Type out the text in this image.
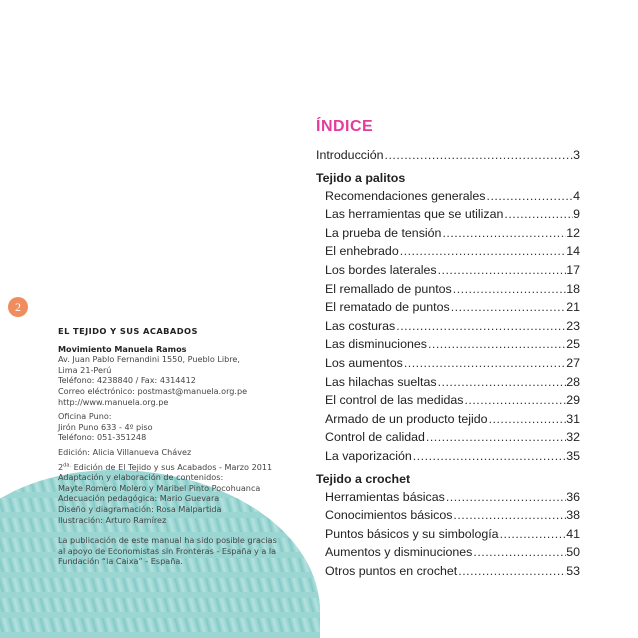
2
EL TEJIDO Y SUS ACABADOS
Movimiento Manuela Ramos
Av. Juan Pablo Fernandini 1550, Pueblo Libre,
Lima 21-Perú
Teléfono: 4238840 / Fax: 4314412
Correo eléctrónico: postmast@manuela.org.pe
http://www.manuela.org.pe
Oficina Puno:
Jirón Puno 633 - 4º piso
Teléfono: 051-351248
Edición: Alicia Villanueva Chávez
$2^{da.}$ Edición de El Tejido y sus Acabados - Marzo 2011
Adaptación y elaboración de contenidos:
Mayte Romero Molero y Maribel Pinto Pocohuanca
Adecuación pedagógica: Mario Guevara
Diseño y diagramación: Rosa Malpartida
Ilustración: Arturo Ramírez
La publicación de este manual ha sido posible gracias al apoyo de Economistas sin Fronteras - España y a la Fundación “la Caixa” - España.
ÍNDICE
Introducción .....	3
Tejido a palitos
Recomendaciones generales .....	4
Las herramientas que se utilizan .....	9
La prueba de tensión .....	12
El enhebrado .....	14
Los bordes laterales .....	17
El remallado de puntos .....	18
El rematado de puntos .....	21
Las costuras .....	23
Las disminuciones .....	25
Los aumentos .....	27
Las hilachas sueltas .....	28
El control de las medidas .....	29
Armado de un producto tejido .....	31
Control de calidad .....	32
La vaporización .....	35
Tejido a crochet
Herramientas básicas .....	36
Conocimientos básicos .....	38
Puntos básicos y su simbología .....	41
Aumentos y disminuciones .....	50
Otros puntos en crochet .....	53
